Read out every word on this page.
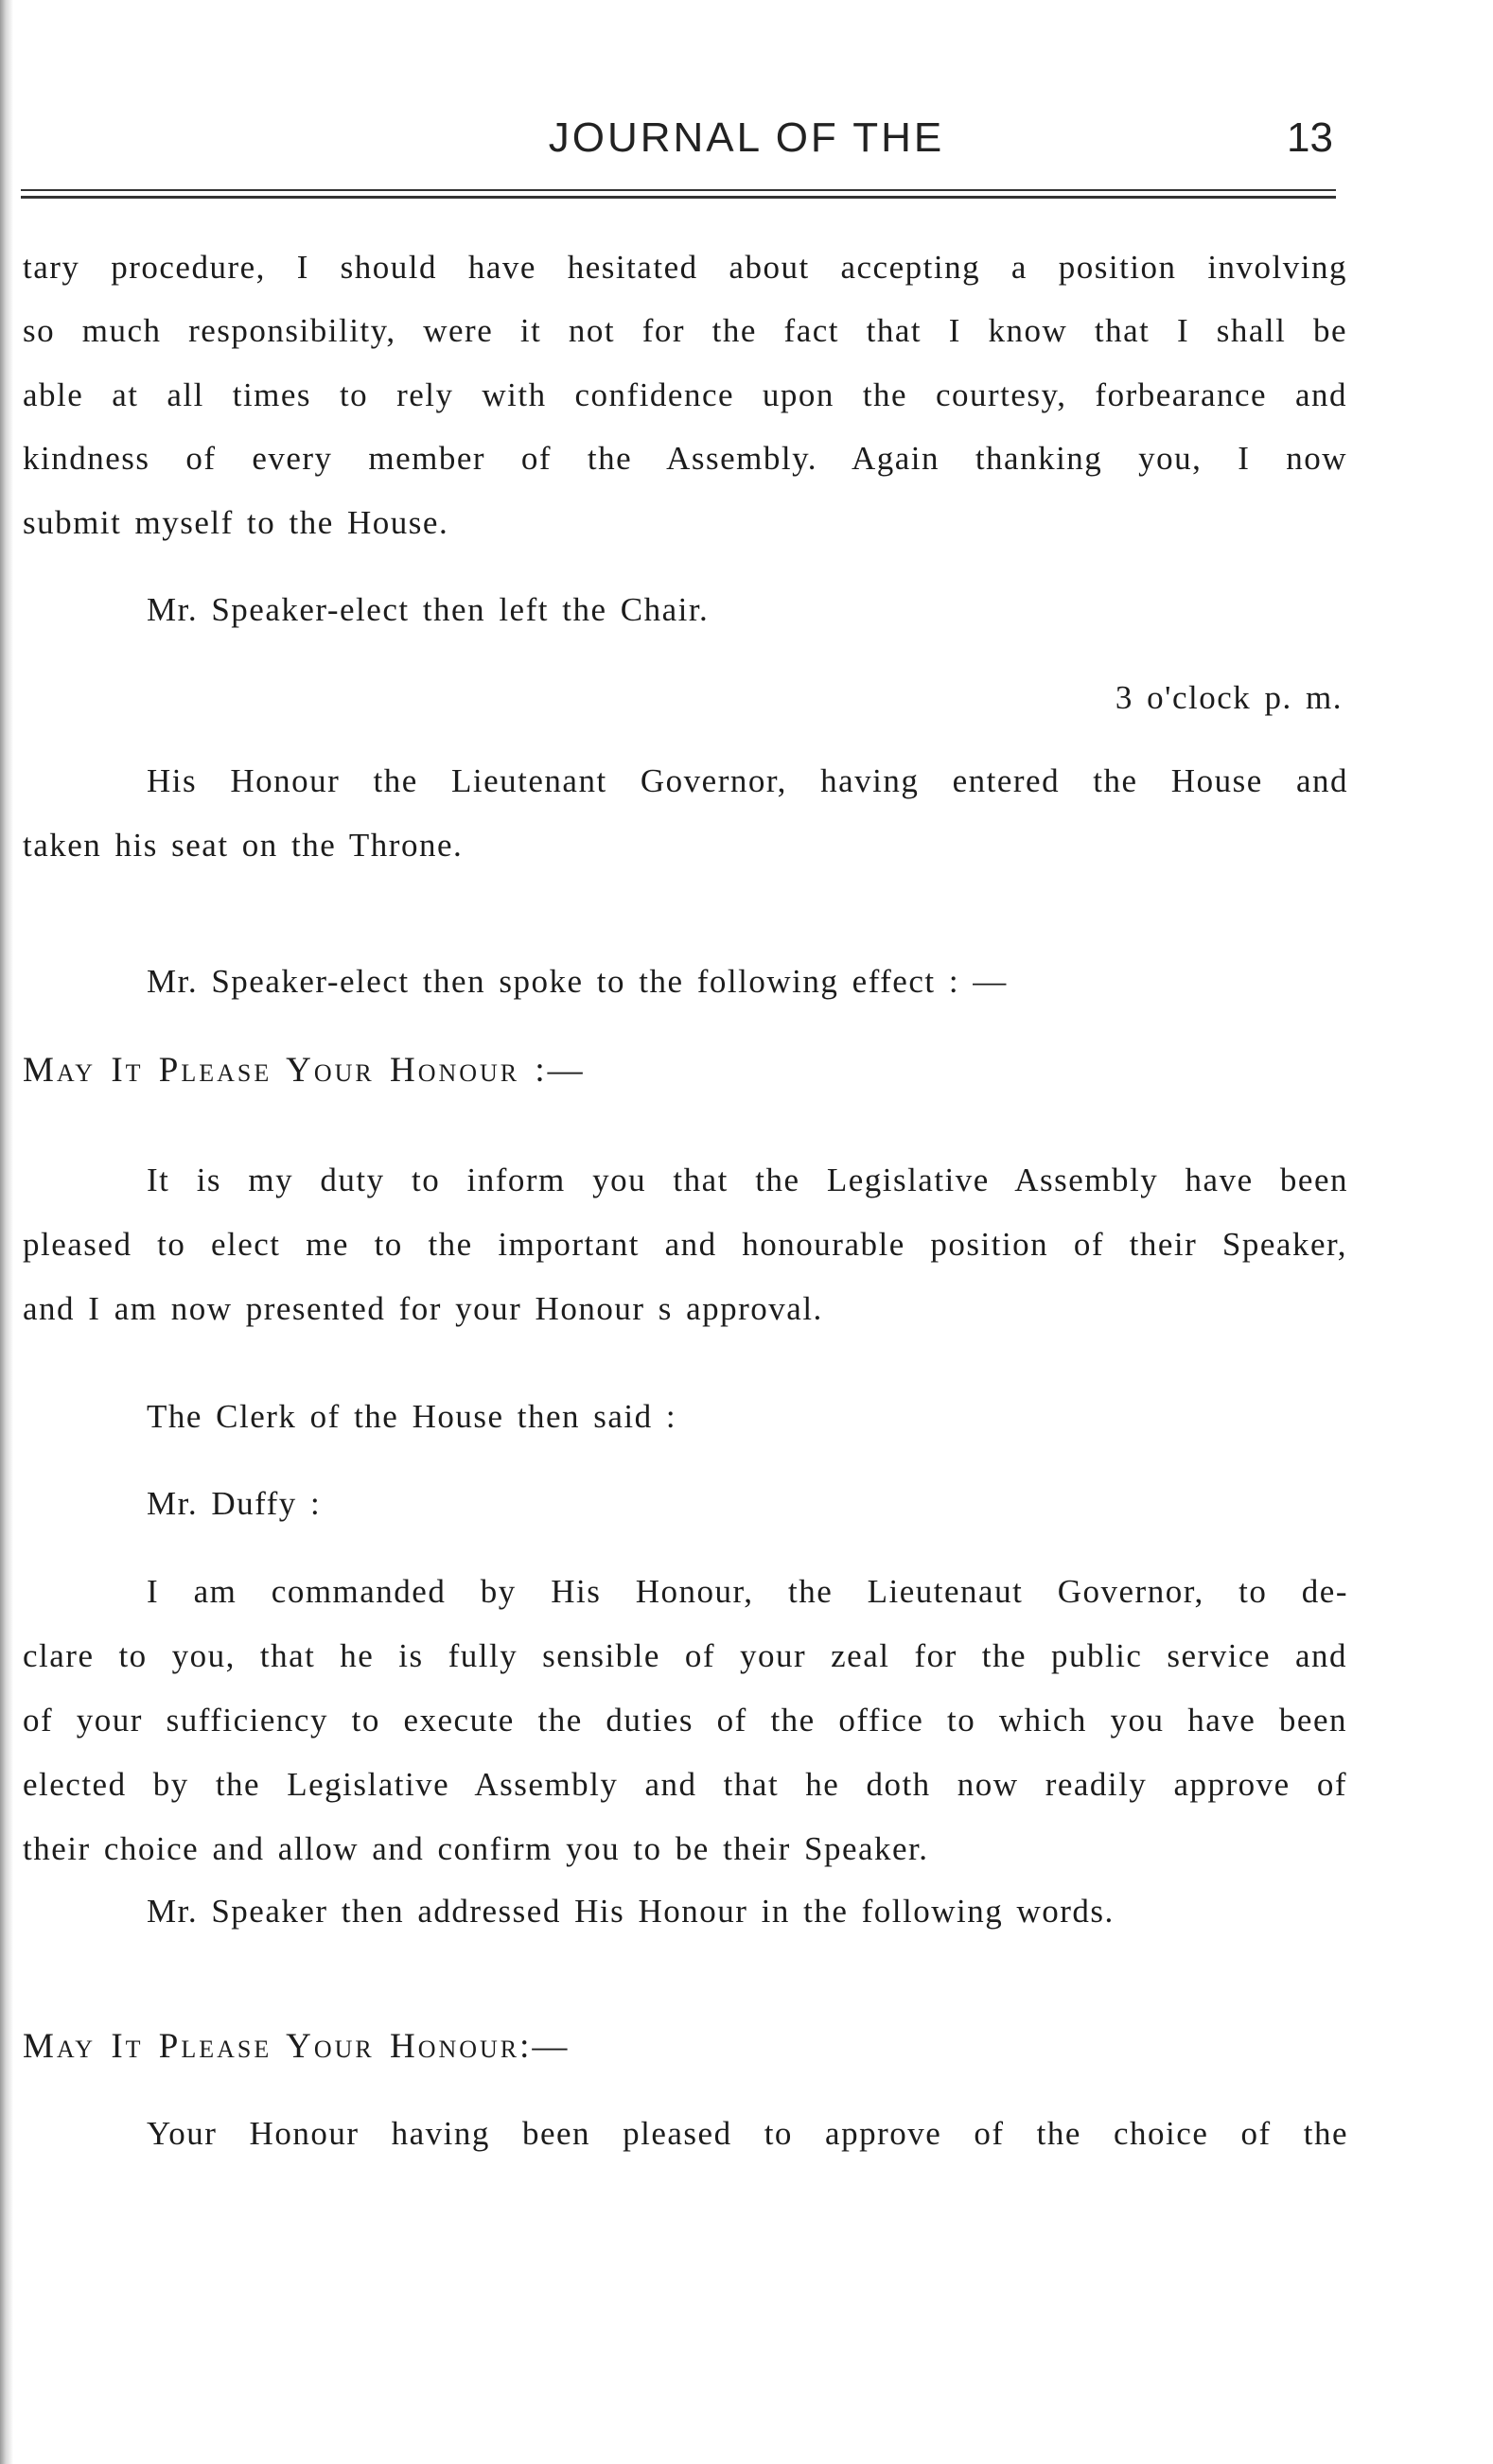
JOURNAL OF THE	13
tary procedure, I should have hesitated about accepting a position involving
so much responsibility, were it not for the fact that I know that I shall be
able at all times to rely with confidence upon the courtesy, forbearance and
kindness of every member of the Assembly. Again thanking you, I now
submit myself to the House.
Mr. Speaker-elect then left the Chair.
3 o'clock p. m.
His Honour the Lieutenant Governor, having entered the House and
taken his seat on the Throne.
Mr. Speaker-elect then spoke to the following effect : —
May It Please Your Honour :—
It is my duty to inform you that the Legislative Assembly have been
pleased to elect me to the important and honourable position of their Speaker,
and I am now presented for your Honour s approval.
The Clerk of the House then said :
Mr. Duffy :
I am commanded by His Honour, the Lieutenaut Governor, to de-
clare to you, that he is fully sensible of your zeal for the public service and
of your sufficiency to execute the duties of the office to which you have been
elected by the Legislative Assembly and that he doth now readily approve of
their choice and allow and confirm you to be their Speaker.
Mr. Speaker then addressed His Honour in the following words.
May It Please Your Honour:—
Your Honour having been pleased to approve of the choice of the
